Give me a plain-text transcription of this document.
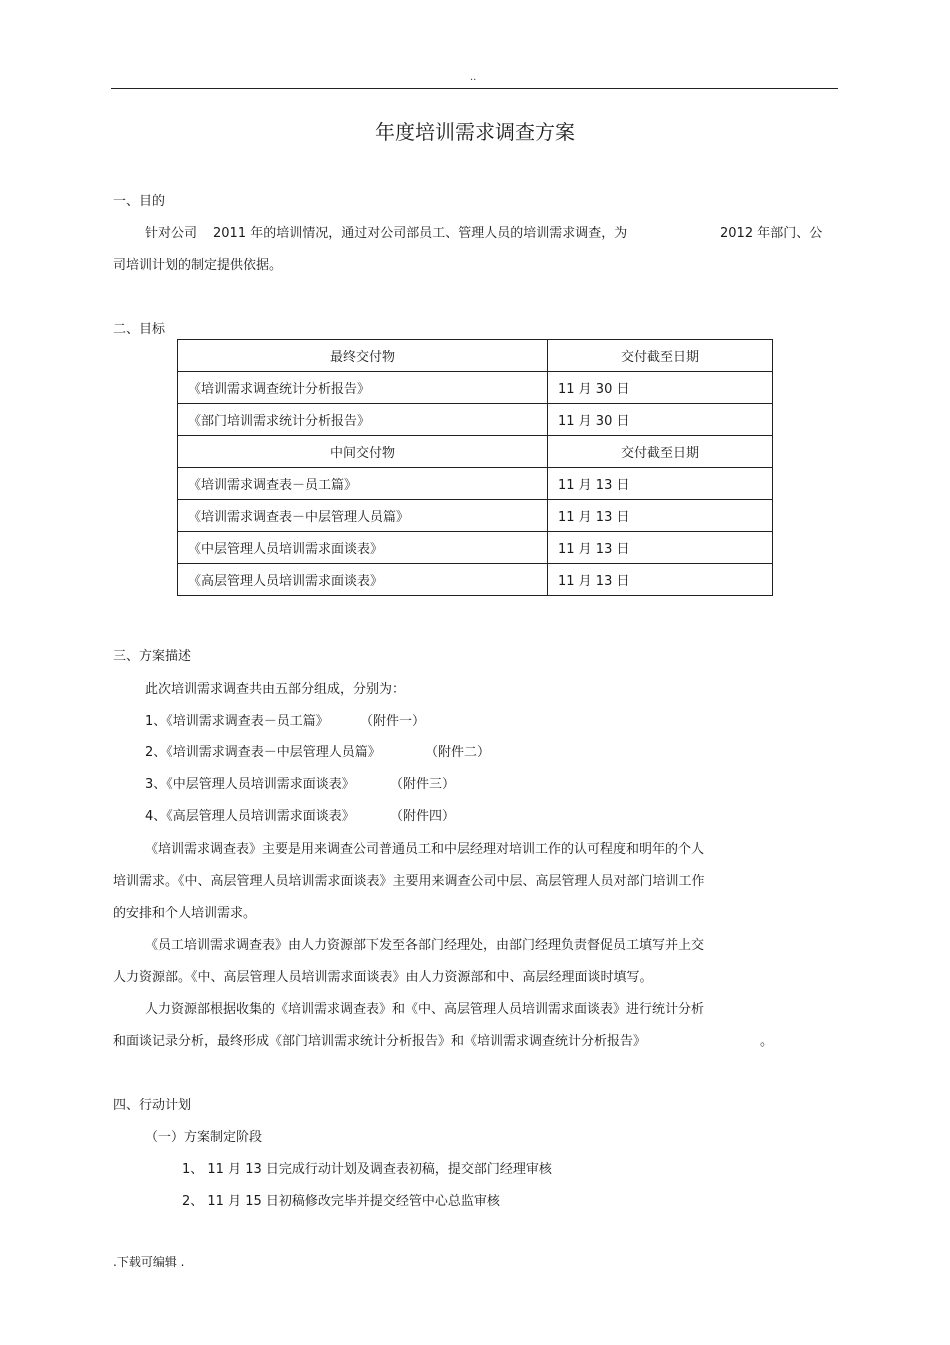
..
年度培训需求调查方案
一、目的
针对公司 2011 年的培训情况，通过对公司部员工、管理人员的培训需求调查，为	2012 年部门、公
司培训计划的制定提供依据。
二、目标
最终交付物	交付截至日期
《培训需求调查统计分析报告》	11 月 30 日
《部门培训需求统计分析报告》	11 月 30 日
中间交付物	交付截至日期
《培训需求调查表－员工篇》	11 月 13 日
《培训需求调查表－中层管理人员篇》	11 月 13 日
《中层管理人员培训需求面谈表》	11 月 13 日
《高层管理人员培训需求面谈表》	11 月 13 日
三、方案描述
此次培训需求调查共由五部分组成，分别为：
1、《培训需求调查表－员工篇》 （附件一）
2、《培训需求调查表－中层管理人员篇》	（附件二）
3、《中层管理人员培训需求面谈表》	（附件三）
4、《高层管理人员培训需求面谈表》	（附件四）
《培训需求调查表》主要是用来调查公司普通员工和中层经理对培训工作的认可程度和明年的个人
培训需求。《中、高层管理人员培训需求面谈表》主要用来调查公司中层、高层管理人员对部门培训工作
的安排和个人培训需求。
《员工培训需求调查表》由人力资源部下发至各部门经理处，由部门经理负责督促员工填写并上交
人力资源部。《中、高层管理人员培训需求面谈表》由人力资源部和中、高层经理面谈时填写。
人力资源部根据收集的《培训需求调查表》和《中、高层管理人员培训需求面谈表》进行统计分析
和面谈记录分析，最终形成《部门培训需求统计分析报告》和《培训需求调查统计分析报告》	。
四、行动计划
（一）方案制定阶段
1、 11 月 13 日完成行动计划及调查表初稿，提交部门经理审核
2、 11 月 15 日初稿修改完毕并提交经管中心总监审核
.下载可编辑 .
